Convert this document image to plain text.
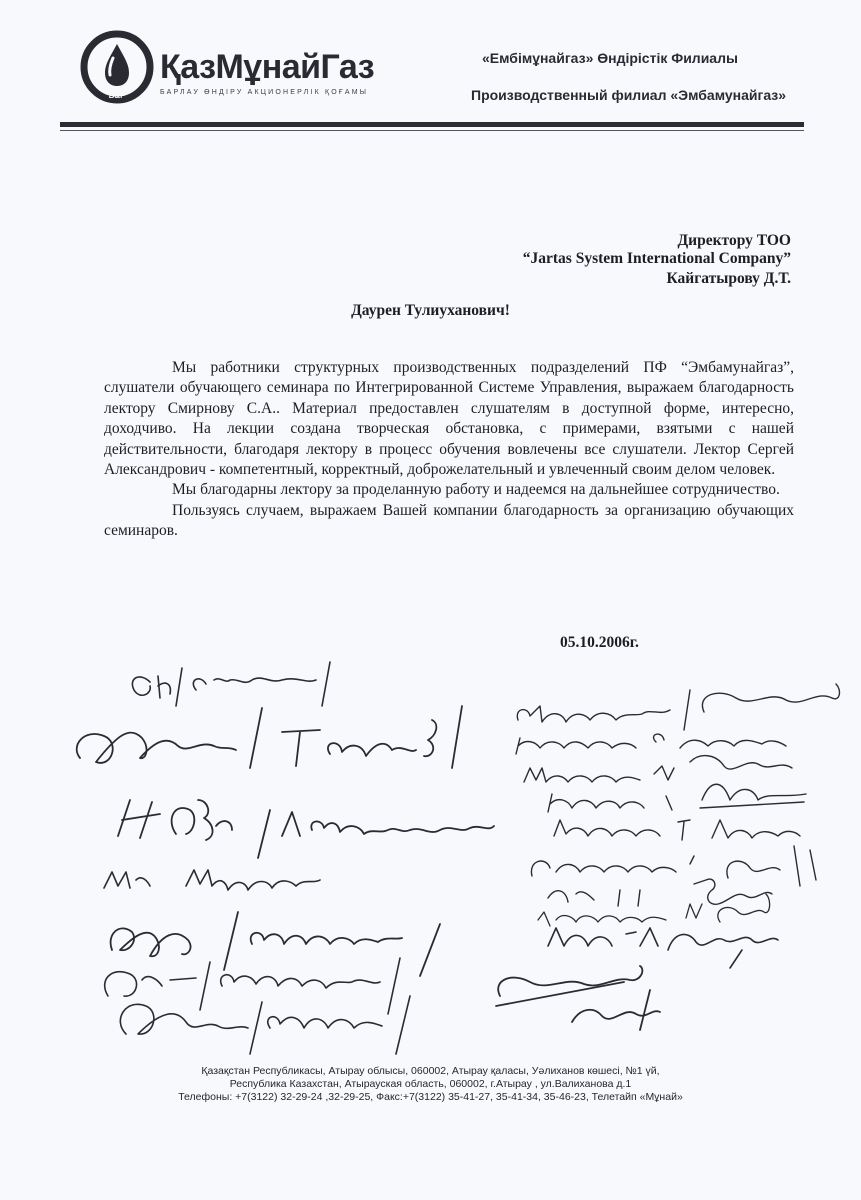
Ь&Р
ҚазМұнайГаз
БАРЛАУ ӨНДІРУ АКЦИОНЕРЛІК ҚОҒАМЫ
«Ембімұнайгаз» Өндірістік Филиалы
Производственный филиал «Эмбамунайгаз»
Директору ТОО
“Jartas System International Company”
Кайгатырову Д.Т.
Даурен Тулиуханович!

Мы работники структурных производственных подразделений ПФ “Эмбамунайгаз”, слушатели обучающего семинара по Интегрированной Системе Управления, выражаем благодарность лектору Смирнову С.А.. Материал предоставлен слушателям в доступной форме, интересно, доходчиво. На лекции создана творческая обстановка, с примерами, взятыми с нашей действительности, благодаря лектору в процесс обучения вовлечены все слушатели. Лектор Сергей Александрович - компетентный, корректный, доброжелательный и увлеченный своим делом человек.

Мы благодарны лектору за проделанную работу и надеемся на дальнейшее сотрудничество.

Пользуясь случаем, выражаем Вашей компании благодарность за организацию обучающих семинаров.

05.10.2006г.
Қазақстан Республикасы, Атырау облысы, 060002, Атырау қаласы, Уәлиханов көшесі, №1 үй,
Республика Казахстан, Атырауская область, 060002, г.Атырау , ул.Валиханова д.1
Телефоны: +7(3122) 32-29-24 ,32-29-25, Факс:+7(3122) 35-41-27, 35-41-34, 35-46-23, Телетайп «Мұнай»
